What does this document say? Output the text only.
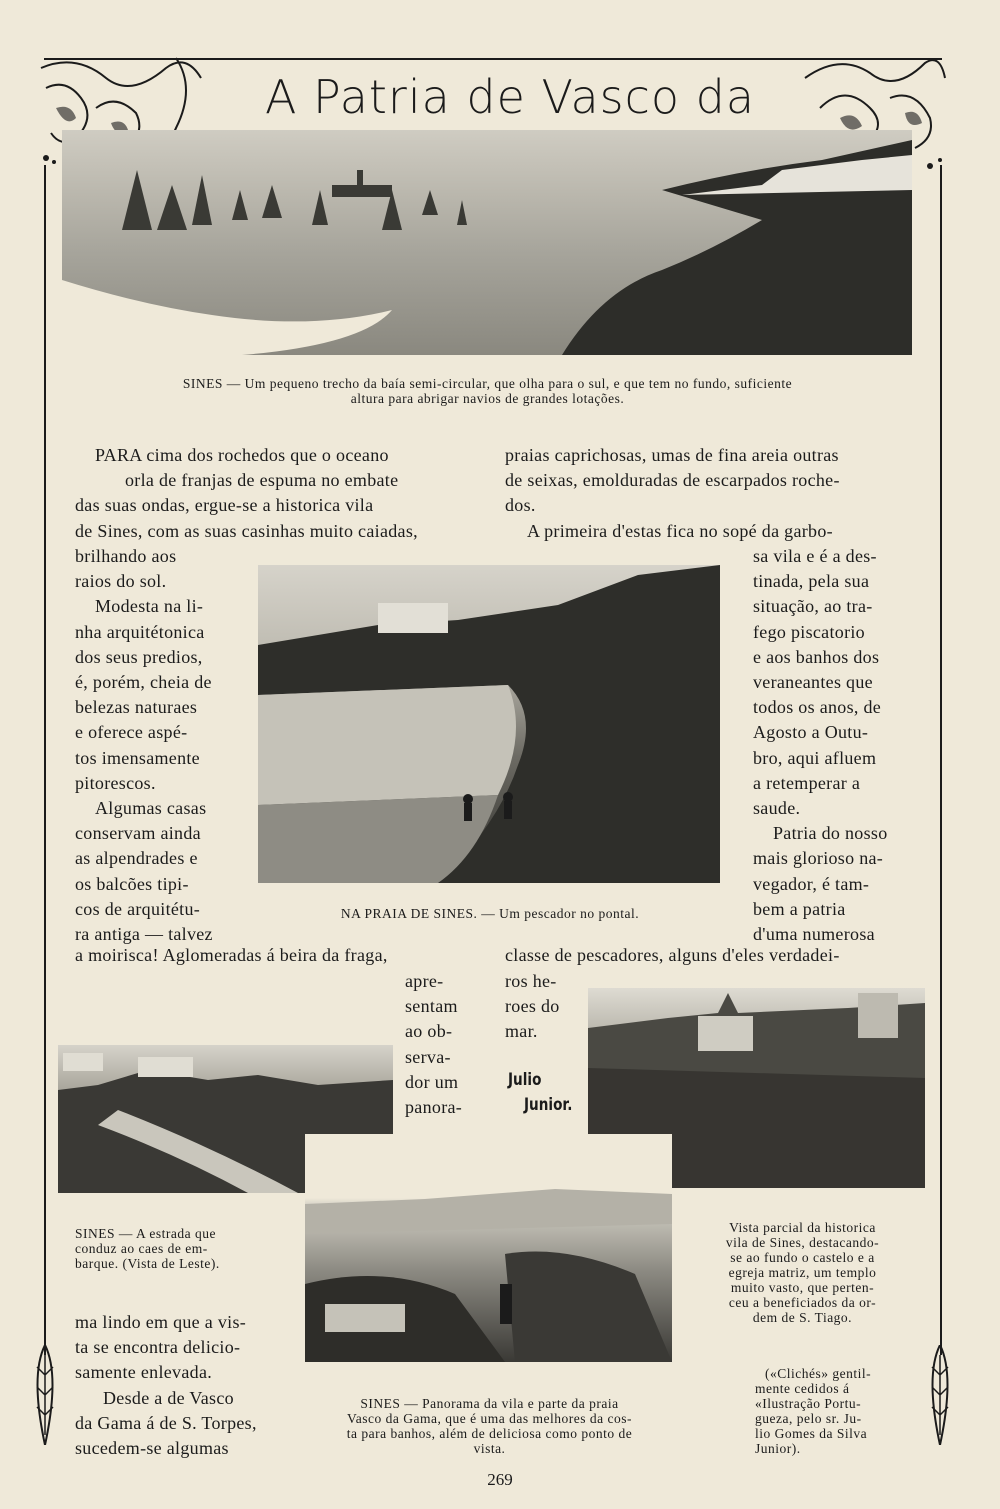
A Patria de Vasco da
SINES — Um pequeno trecho da baía semi-circular, que olha para o sul, e que tem no fundo, suficiente
altura para abrigar navios de grandes lotações.
PARA cima dos rochedos que o oceano
orla de franjas de espuma no embate
das suas ondas, ergue-se a historica vila
de Sines, com as suas casinhas muito caiadas,
praias caprichosas, umas de fina areia outras
de seixas, emolduradas de escarpados roche-
dos.
A primeira d'estas fica no sopé da garbo-
NA PRAIA DE SINES. — Um pescador no pontal.
brilhando aos
raios do sol.
Modesta na li-
nha arquitétonica
dos seus predios,
é, porém, cheia de
belezas naturaes
e oferece aspé-
tos imensamente
pitorescos.
Algumas casas
conservam ainda
as alpendrades e
os balcões tipi-
cos de arquitétu-
ra antiga — talvez
a moirisca! Aglomeradas á beira da fraga,
sa vila e é a des-
tinada, pela sua
situação, ao tra-
fego piscatorio
e aos banhos dos
veraneantes que
todos os anos, de
Agosto a Outu-
bro, aqui afluem
a retemperar a
saude.
Patria do nosso
mais glorioso na-
vegador, é tam-
bem a patria
d'uma numerosa
classe de pescadores, alguns d'eles verdadei-
apre-
sentam
ao ob-
serva-
dor um
panora-
ros he-
roes do
mar.
Julio
Junior.
SINES — A estrada que
conduz ao caes de em-
barque. (Vista de Leste).
Vista parcial da historica
vila de Sines, destacando-
se ao fundo o castelo e a
egreja matriz, um templo
muito vasto, que perten-
ceu a beneficiados da or-
dem de S. Tiago.
SINES — Panorama da vila e parte da praia
Vasco da Gama, que é uma das melhores da cos-
ta para banhos, além de deliciosa como ponto de
vista.
(«Clichés» gentil-
mente cedidos á
«Ilustração Portu-
gueza, pelo sr. Ju-
lio Gomes da Silva
Junior).
ma lindo em que a vis-
ta se encontra delicio-
samente enlevada.
Desde a de Vasco
da Gama á de S. Torpes,
sucedem-se algumas
269
